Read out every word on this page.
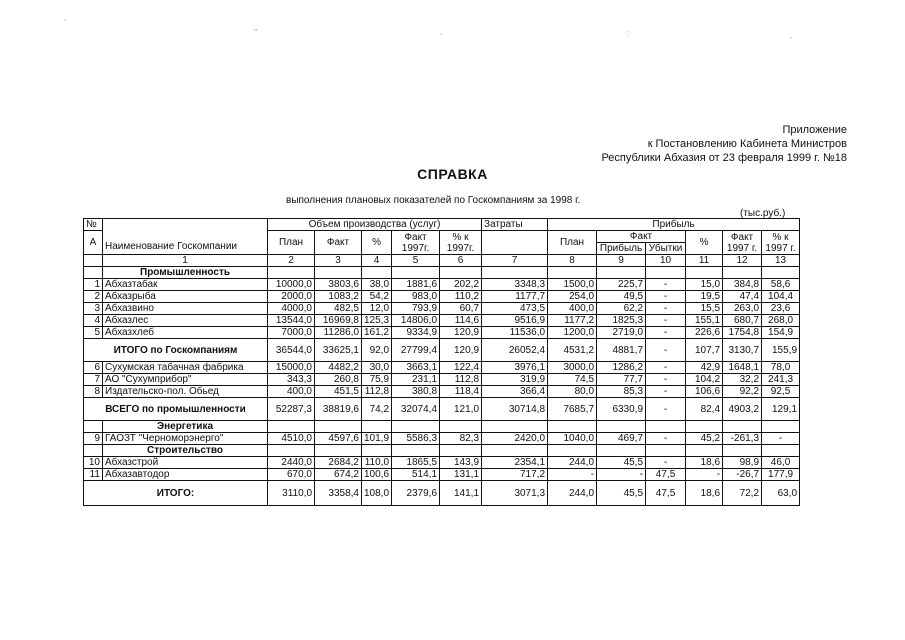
ʹ
ʺ	ʹ	◌
ʹ
Приложение
к Постановлению Кабинета Министров
Республики Абхазия от 23 февраля 1999 г. №18
СПРАВКА
выполнения плановых показателей по Госкомпаниям за 1998 г.
(тыс.руб.)
№	Наименование Госкомпании	Объем производства (услуг)					Затраты	Прибыль					
А		План	Факт	%	Факт 1997г.	% к 1997г.		План	Факт		%	Факт 1997 г.	% к 1997 г.
									Прибыль	Убытки			
	1	2	3	4	5	6	7	8	9	10	11	12	13
	Промышленность												
1	Абхазтабак	10000,0	3803,6	38,0	1881,6	202,2	3348,3	1500,0	225,7	-	15,0	384,8	58,6
2	Абхазрыба	2000,0	1083,2	54,2	983,0	110,2	1177,7	254,0	49,5	-	19,5	47,4	104,4
3	Абхазвино	4000,0	482,5	12,0	793,9	60,7	473,5	400,0	62,2	-	15,5	263,0	23,6
4	Абхазлес	13544,0	16969,8	125,3	14806,0	114,6	9516,9	1177,2	1825,3	-	155,1	680,7	268,0
5	Абхазхлеб	7000,0	11286,0	161,2	9334,9	120,9	11536,0	1200,0	2719,0	-	226,6	1754,8	154,9
ИТОГО по Госкомпаниям		36544,0	33625,1	92,0	27799,4	120,9	26052,4	4531,2	4881,7	-	107,7	3130,7	155,9
6	Сухумская табачная фабрика	15000,0	4482,2	30,0	3663,1	122,4	3976,1	3000,0	1286,2	-	42,9	1648,1	78,0
7	АО "Сухумприбор"	343,3	260,8	75,9	231,1	112,8	319,9	74,5	77,7	-	104,2	32,2	241,3
8	Издательско-пол. Обьед	400,0	451,5	112,8	380,8	118,4	366,4	80,0	85,3	-	106,6	92,2	92,5
ВСЕГО по промышленности		52287,3	38819,6	74,2	32074,4	121,0	30714,8	7685,7	6330,9	-	82,4	4903,2	129,1
	Энергетика												
9	ГАОЗТ "Черноморэнерго"	4510,0	4597,6	101,9	5586,3	82,3	2420,0	1040,0	469,7	-	45,2	-261,3	-
	Строительство												
10	Абхазстрой	2440,0	2684,2	110,0	1865,5	143,9	2354,1	244,0	45,5	-	18,6	98,9	46,0
11	Абхазавтодор	670,0	674,2	100,6	514,1	131,1	717,2	-	-	47,5	-	-26,7	177,9
ИТОГО:		3110,0	3358,4	108,0	2379,6	141,1	3071,3	244,0	45,5	47,5	18,6	72,2	63,0
